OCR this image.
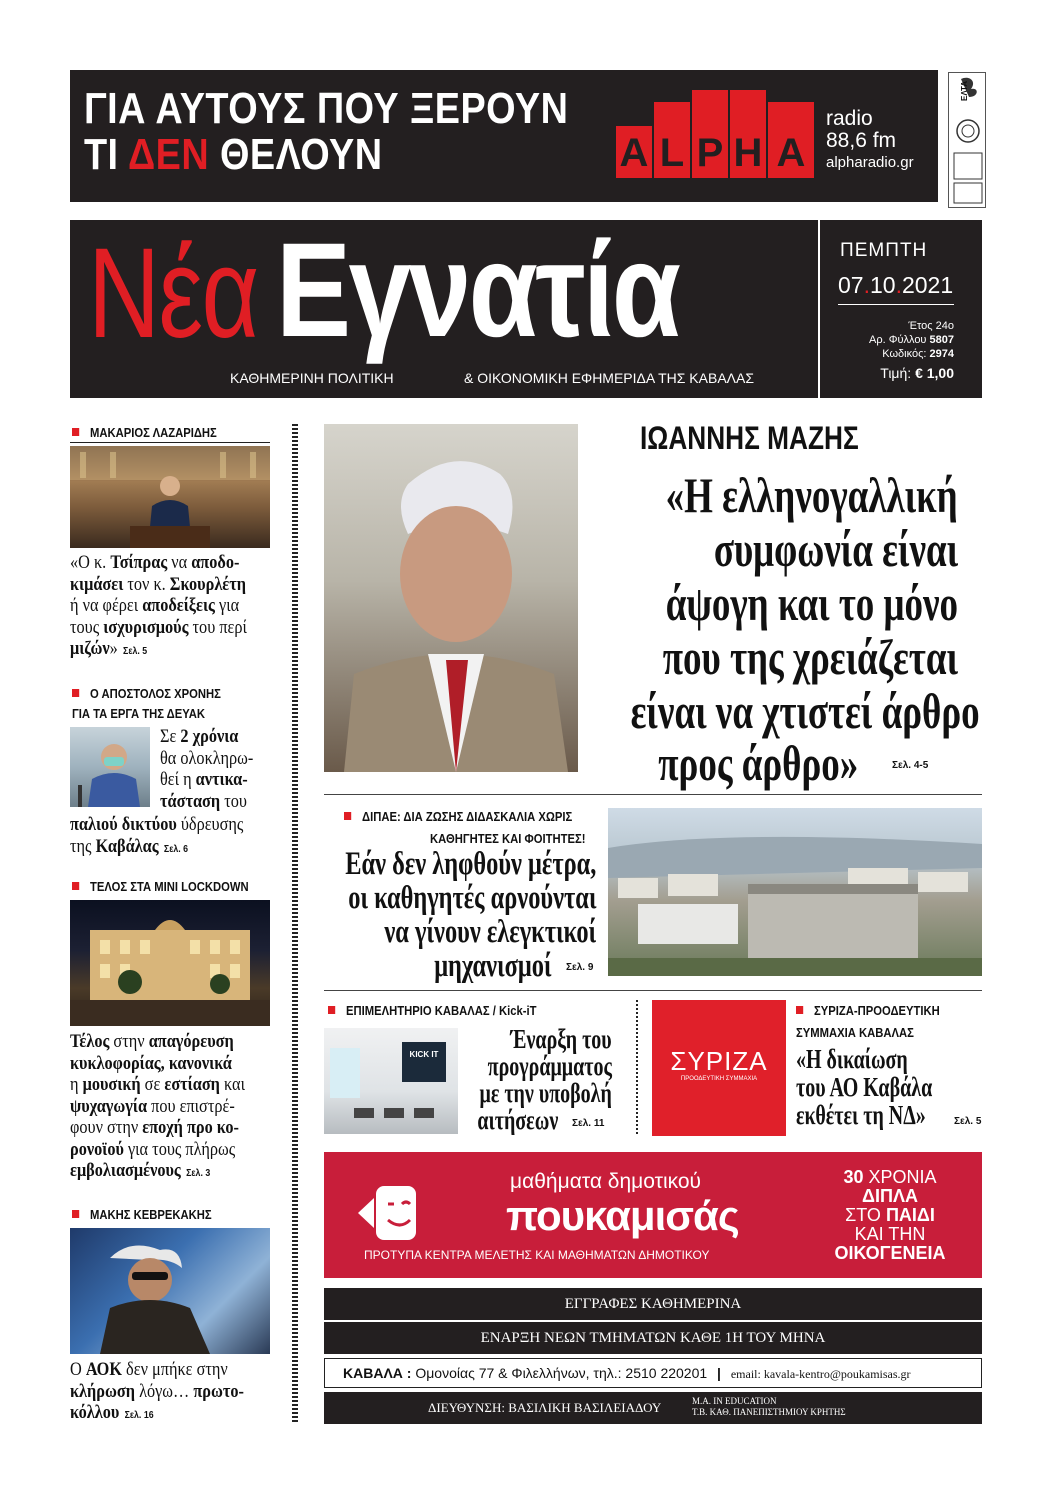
ΓΙΑ ΑΥΤΟΥΣ ΠΟΥ ΞΕΡΟΥΝ
ΤΙ ΔΕΝ ΘΕΛΟΥΝ	A L P H A
radio
88,6 fm
alpharadio.gr
ΕΛΤΑ
Νέα Εγνατία
ΚΑΘΗΜΕΡΙΝΗ ΠΟΛΙΤΙΚΗ	& ΟΙΚΟΝΟΜΙΚΗ ΕΦΗΜΕΡΙΔΑ ΤΗΣ ΚΑΒΑΛΑΣ
ΠΕΜΠΤΗ
07.10.2021
Έτος 24ο
Αρ. Φύλλου 5807
Κωδικός: 2974
Τιμή: € 1,00
ΜΑΚΑΡΙΟΣ ΛΑΖΑΡΙΔΗΣ
«Ο κ. Τσίπρας να αποδο-
κιμάσει τον κ. Σκουρλέτη
ή να φέρει αποδείξεις για
τους ισχυρισμούς του περί
μιζών» Σελ. 5
Ο ΑΠΟΣΤΟΛΟΣ ΧΡΟΝΗΣ
ΓΙΑ ΤΑ ΕΡΓΑ ΤΗΣ ΔΕΥΑΚ
Σε 2 χρόνια
θα ολοκληρω-
θεί η αντικα-
τάσταση του
παλιού δικτύου ύδρευσης
της Καβάλας Σελ. 6
ΤΕΛΟΣ ΣΤΑ MINI LOCKDOWN
Τέλος στην απαγόρευση
κυκλοφορίας, κανονικά
η μουσική σε εστίαση και
ψυχαγωγία που επιστρέ-
φουν στην εποχή προ κο-
ρονοϊού για τους πλήρως
εμβολιασμένους Σελ. 3
ΜΑΚΗΣ ΚΕΒΡΕΚΑΚΗΣ
Ο ΑΟΚ δεν μπήκε στην
κλήρωση λόγω… πρωτο-
κόλλου Σελ. 16
ΙΩΑΝΝΗΣ ΜΑΖΗΣ
«Η ελληνογαλλική
συμφωνία είναι
άψογη και το μόνο
που της χρειάζεται
είναι να χτιστεί άρθρο
προς άρθρο»	Σελ. 4-5
ΔΙΠΑΕ: ΔΙΑ ΖΩΣΗΣ ΔΙΔΑΣΚΑΛΙΑ ΧΩΡΙΣ
ΚΑΘΗΓΗΤΕΣ ΚΑΙ ΦΟΙΤΗΤΕΣ!
Εάν δεν ληφθούν μέτρα,
οι καθηγητές αρνούνται
να γίνουν ελεγκτικοί
μηχανισμοί Σελ. 9
ΕΠΙΜΕΛΗΤΗΡΙΟ ΚΑΒΑΛΑΣ / Kick-iT
KICK IT
Έναρξη του
προγράμματος
με την υποβολή
αιτήσεων Σελ. 11
ΣΥΡΙΖΑ
ΠΡΟΟΔΕΥΤΙΚΗ ΣΥΜΜΑΧΙΑ
ΣΥΡΙΖΑ-ΠΡΟΟΔΕΥΤΙΚΗ
ΣΥΜΜΑΧΙΑ ΚΑΒΑΛΑΣ
«Η δικαίωση
του ΑΟ Καβάλα
εκθέτει τη ΝΔ»	Σελ. 5
μαθήματα δημοτικού
πουκαμισάς
ΠΡΟΤΥΠΑ ΚΕΝΤΡΑ ΜΕΛΕΤΗΣ ΚΑΙ ΜΑΘΗΜΑΤΩΝ ΔΗΜΟΤΙΚΟΥ
30 ΧΡΟΝΙΑ
ΔΙΠΛΑ
ΣΤΟ ΠΑΙΔΙ
ΚΑΙ ΤΗΝ
ΟΙΚΟΓΕΝΕΙΑ
ΕΓΓΡΑΦΕΣ ΚΑΘΗΜΕΡΙΝΑ
ΕΝΑΡΞΗ ΝΕΩΝ ΤΜΗΜΑΤΩΝ ΚΑΘΕ 1Η ΤΟΥ ΜΗΝΑ
ΚΑΒΑΛΑ : Ομονοίας 77 & Φιλελλήνων, τηλ.: 2510 220201 | email: kavala-kentro@poukamisas.gr
ΔΙΕΥΘΥΝΣΗ: ΒΑΣΙΛΙΚΗ ΒΑΣΙΛΕΙΑΔΟΥ	M.A. IN EDUCATION
Τ.Β. ΚΑΘ. ΠΑΝΕΠΙΣΤΗΜΙΟΥ ΚΡΗΤΗΣ
